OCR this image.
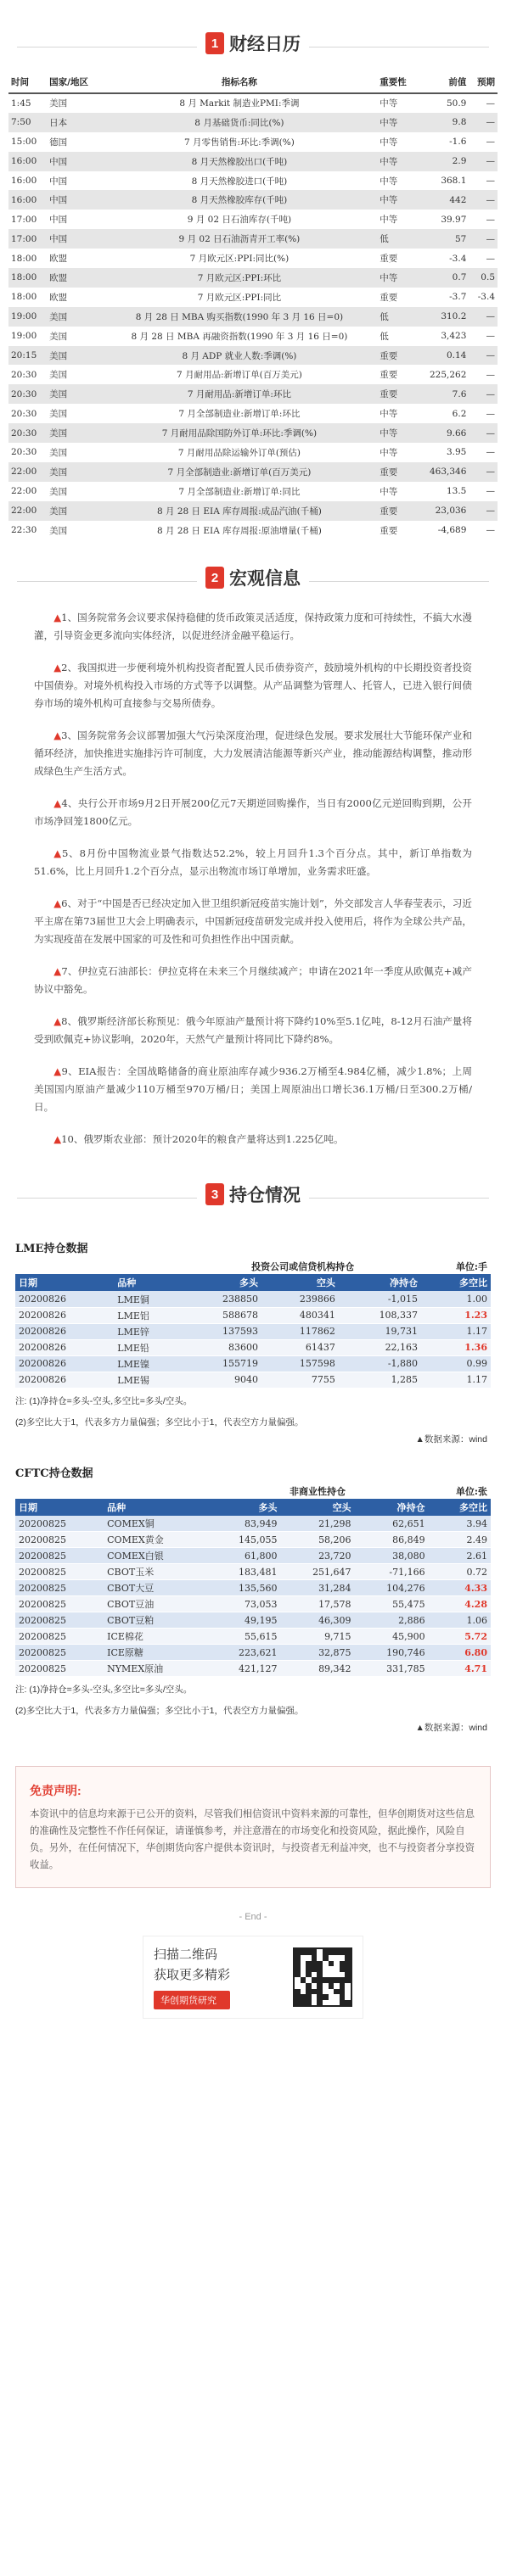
1 财经日历
时间	国家/地区	指标名称	重要性	前值	预期
1:45	美国	8 月 Markit 制造业PMI:季调	中等	50.9	—
7:50	日本	8 月基础货币:同比(%)	中等	9.8	—
15:00	德国	7 月零售销售:环比:季调(%)	中等	-1.6	—
16:00	中国	8 月天然橡胶出口(千吨)	中等	2.9	—
16:00	中国	8 月天然橡胶进口(千吨)	中等	368.1	—
16:00	中国	8 月天然橡胶库存(千吨)	中等	442	—
17:00	中国	9 月 02 日石油库存(千吨)	中等	39.97	—
17:00	中国	9 月 02 日石油沥青开工率(%)	低	57	—
18:00	欧盟	7 月欧元区:PPI:同比(%)	重要	-3.4	—
18:00	欧盟	7 月欧元区:PPI:环比	中等	0.7	0.5
18:00	欧盟	7 月欧元区:PPI:同比	重要	-3.7	-3.4
19:00	美国	8 月 28 日 MBA 购买指数(1990 年 3 月 16 日=0)	低	310.2	—
19:00	美国	8 月 28 日 MBA 再融资指数(1990 年 3 月 16 日=0)	低	3,423	—
20:15	美国	8 月 ADP 就业人数:季调(%)	重要	0.14	—
20:30	美国	7 月耐用品:新增订单(百万美元)	重要	225,262	—
20:30	美国	7 月耐用品:新增订单:环比	重要	7.6	—
20:30	美国	7 月全部制造业:新增订单:环比	中等	6.2	—
20:30	美国	7 月耐用品除国防外订单:环比:季调(%)	中等	9.66	—
20:30	美国	7 月耐用品除运输外订单(预估)	中等	3.95	—
22:00	美国	7 月全部制造业:新增订单(百万美元)	重要	463,346	—
22:00	美国	7 月全部制造业:新增订单:同比	中等	13.5	—
22:00	美国	8 月 28 日 EIA 库存周报:成品汽油(千桶)	重要	23,036	—
22:30	美国	8 月 28 日 EIA 库存周报:原油增量(千桶)	重要	-4,689	—
2 宏观信息

▲1、国务院常务会议要求保持稳健的货币政策灵活适度，保持政策力度和可持续性，不搞大水漫灌，引导资金更多流向实体经济，以促进经济金融平稳运行。

▲2、我国拟进一步便利境外机构投资者配置人民币债券资产，鼓励境外机构的中长期投资者投资中国债券。对境外机构投入市场的方式等予以调整。从产品调整为管理人、托管人，已进入银行间债券市场的境外机构可直接参与交易所债券。

▲3、国务院常务会议部署加强大气污染深度治理，促进绿色发展。要求发展壮大节能环保产业和循环经济，加快推进实施排污许可制度，大力发展清洁能源等新兴产业，推动能源结构调整，推动形成绿色生产生活方式。

▲4、央行公开市场9月2日开展200亿元7天期逆回购操作，当日有2000亿元逆回购到期，公开市场净回笼1800亿元。

▲5、8月份中国物流业景气指数达52.2%，较上月回升1.3个百分点。其中，新订单指数为51.6%，比上月回升1.2个百分点，显示出物流市场订单增加，业务需求旺盛。

▲6、对于“中国是否已经决定加入世卫组织新冠疫苗实施计划”，外交部发言人华春莹表示，习近平主席在第73届世卫大会上明确表示，中国新冠疫苗研发完成并投入使用后，将作为全球公共产品，为实现疫苗在发展中国家的可及性和可负担性作出中国贡献。

▲7、伊拉克石油部长：伊拉克将在未来三个月继续减产；申请在2021年一季度从欧佩克+减产协议中豁免。

▲8、俄罗斯经济部长称预见：俄今年原油产量预计将下降约10%至5.1亿吨，8-12月石油产量将受到欧佩克+协议影响，2020年，天然气产量预计将同比下降约8%。

▲9、EIA报告：全国战略储备的商业原油库存减少936.2万桶至4.984亿桶，减少1.8%；上周美国国内原油产量减少110万桶至970万桶/日；美国上周原油出口增长36.1万桶/日至300.2万桶/日。

▲10、俄罗斯农业部：预计2020年的粮食产量将达到1.225亿吨。

3 持仓情况
LME持仓数据
		投资公司或信贷机构持仓			单位:手
日期	品种	多头	空头	净持仓	多空比
20200826	LME铜	238850	239866	-1,015	1.00
20200826	LME铝	588678	480341	108,337	1.23
20200826	LME锌	137593	117862	19,731	1.17
20200826	LME铅	83600	61437	22,163	1.36
20200826	LME镍	155719	157598	-1,880	0.99
20200826	LME锡	9040	7755	1,285	1.17
注: (1)净持仓=多头-空头,多空比=多头/空头。
(2)多空比大于1，代表多方力量偏强；多空比小于1，代表空方力量偏强。
▲数据来源：wind
CFTC持仓数据
		非商业性持仓			单位:张
日期	品种	多头	空头	净持仓	多空比
20200825	COMEX铜	83,949	21,298	62,651	3.94
20200825	COMEX黄金	145,055	58,206	86,849	2.49
20200825	COMEX白银	61,800	23,720	38,080	2.61
20200825	CBOT玉米	183,481	251,647	-71,166	0.72
20200825	CBOT大豆	135,560	31,284	104,276	4.33
20200825	CBOT豆油	73,053	17,578	55,475	4.28
20200825	CBOT豆粕	49,195	46,309	2,886	1.06
20200825	ICE棉花	55,615	9,715	45,900	5.72
20200825	ICE原糖	223,621	32,875	190,746	6.80
20200825	NYMEX原油	421,127	89,342	331,785	4.71
注: (1)净持仓=多头-空头,多空比=多头/空头。
(2)多空比大于1，代表多方力量偏强；多空比小于1，代表空方力量偏强。
▲数据来源：wind
免责声明:
本资讯中的信息均来源于已公开的资料，尽管我们相信资讯中资料来源的可靠性，但华创期货对这些信息的准确性及完整性不作任何保证，请谨慎参考，并注意潜在的市场变化和投资风险，据此操作，风险自负。另外，在任何情况下，华创期货向客户提供本资讯时，与投资者无利益冲突，也不与投资者分享投资收益。
- End -
扫描二维码
获取更多精彩
华创期货研究
